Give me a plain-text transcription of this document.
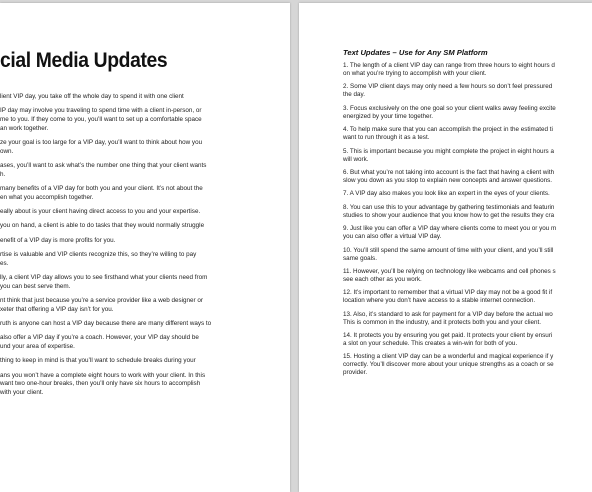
cial Media Updates

lient VIP day, you take off the whole day to spend it with one client

IP day may involve you traveling to spend time with a client in-person, or
me to you. If they come to you, you’ll want to set up a comfortable space
an work together.

ze your goal is too large for a VIP day, you’ll want to think about how you
own.

ases, you’ll want to ask what’s the number one thing that your client wants
h.

many benefits of a VIP day for both you and your client. It’s not about the
en what you accomplish together.

eally about is your client having direct access to you and your expertise.

you on hand, a client is able to do tasks that they would normally struggle

enefit of a VIP day is more profits for you.

rtise is valuable and VIP clients recognize this, so they’re willing to pay
es.

lly, a client VIP day allows you to see firsthand what your clients need from
you can best serve them.

nt think that just because you’re a service provider like a web designer or
xeter that offering a VIP day isn’t for you.

ruth is anyone can host a VIP day because there are many different ways to

also offer a VIP day if you’re a coach. However, your VIP day should be
und your area of expertise.

thing to keep in mind is that you’ll want to schedule breaks during your

ans you won’t have a complete eight hours to work with your client. In this
want two one-hour breaks, then you’ll only have six hours to accomplish
with your client.

Text Updates – Use for Any SM Platform

1. The length of a client VIP day can range from three hours to eight hours d
on what you’re trying to accomplish with your client.

2. Some VIP client days may only need a few hours so don’t feel pressured
the day.

3. Focus exclusively on the one goal so your client walks away feeling excite
energized by your time together.

4. To help make sure that you can accomplish the project in the estimated ti
want to run through it as a test.

5. This is important because you might complete the project in eight hours a
will work.

6. But what you’re not taking into account is the fact that having a client with
slow you down as you stop to explain new concepts and answer questions.

7. A VIP day also makes you look like an expert in the eyes of your clients.

8. You can use this to your advantage by gathering testimonials and featurin
studies to show your audience that you know how to get the results they cra

9. Just like you can offer a VIP day where clients come to meet you or you m
you can also offer a virtual VIP day.

10. You’ll still spend the same amount of time with your client, and you’ll still
same goals.

11. However, you’ll be relying on technology like webcams and cell phones s
see each other as you work.

12. It’s important to remember that a virtual VIP day may not be a good fit if
location where you don’t have access to a stable internet connection.

13. Also, it’s standard to ask for payment for a VIP day before the actual wo
This is common in the industry, and it protects both you and your client.

14. It protects you by ensuring you get paid. It protects your client by ensuri
a slot on your schedule. This creates a win-win for both of you.

15. Hosting a client VIP day can be a wonderful and magical experience if y
correctly. You’ll discover more about your unique strengths as a coach or se
provider.
